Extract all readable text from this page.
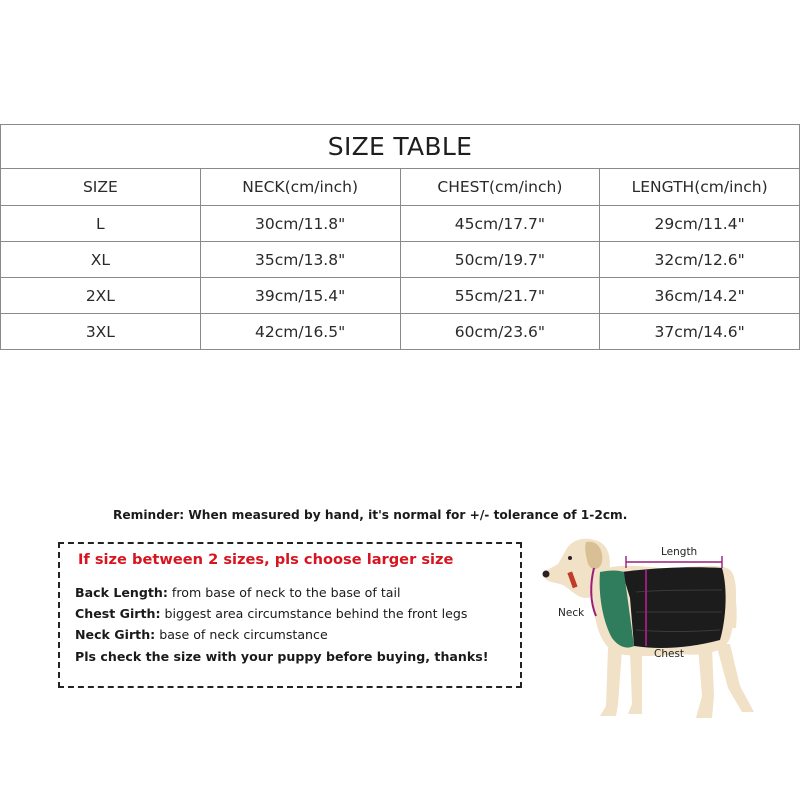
SIZE TABLE			
SIZE	NECK(cm/inch)	CHEST(cm/inch)	LENGTH(cm/inch)
L	30cm/11.8"	45cm/17.7"	29cm/11.4"
XL	35cm/13.8"	50cm/19.7"	32cm/12.6"
2XL	39cm/15.4"	55cm/21.7"	36cm/14.2"
3XL	42cm/16.5"	60cm/23.6"	37cm/14.6"
Reminder: When measured by hand, it's normal for +/- tolerance of 1-2cm.
If size between 2 sizes, pls choose larger size
Back Length: from base of neck to the base of tail
Chest Girth: biggest area circumstance behind the front legs
Neck Girth: base of neck circumstance
Pls check the size with your puppy before buying, thanks!
Length
Neck
Chest
